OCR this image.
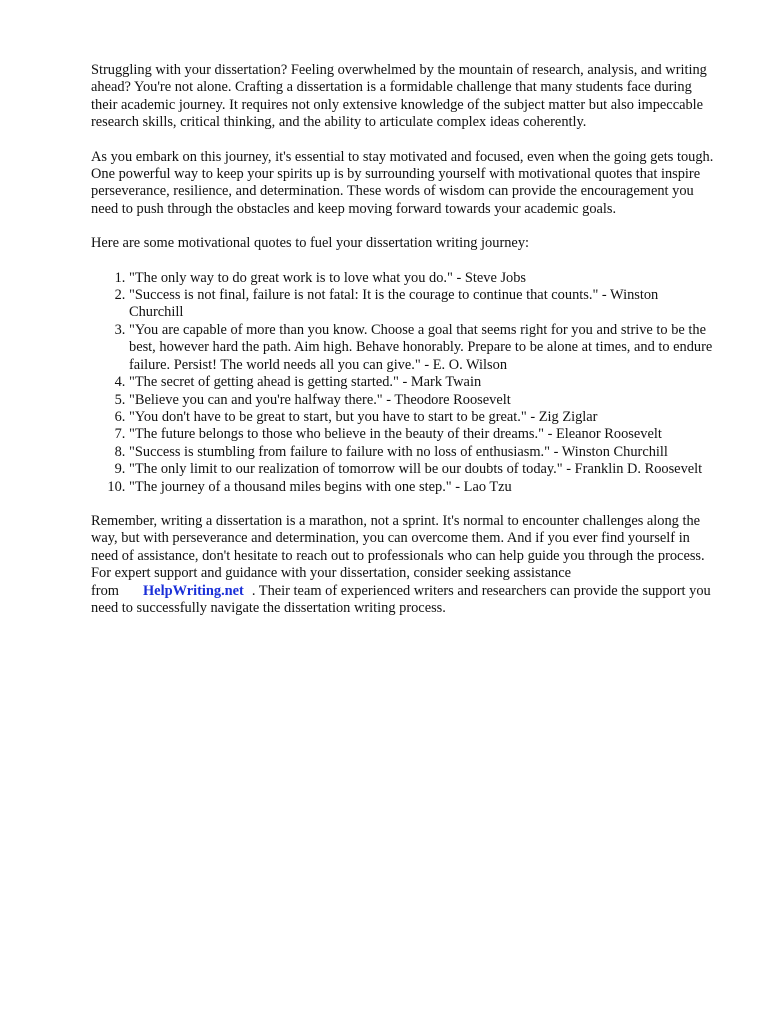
Struggling with your dissertation? Feeling overwhelmed by the mountain of research, analysis, and writing ahead? You're not alone. Crafting a dissertation is a formidable challenge that many students face during their academic journey. It requires not only extensive knowledge of the subject matter but also impeccable research skills, critical thinking, and the ability to articulate complex ideas coherently.

As you embark on this journey, it's essential to stay motivated and focused, even when the going gets tough. One powerful way to keep your spirits up is by surrounding yourself with motivational quotes that inspire perseverance, resilience, and determination. These words of wisdom can provide the encouragement you need to push through the obstacles and keep moving forward towards your academic goals.

Here are some motivational quotes to fuel your dissertation writing journey:

1. "The only way to do great work is to love what you do." - Steve Jobs
2. "Success is not final, failure is not fatal: It is the courage to continue that counts." - Winston Churchill
3. "You are capable of more than you know. Choose a goal that seems right for you and strive to be the best, however hard the path. Aim high. Behave honorably. Prepare to be alone at times, and to endure failure. Persist! The world needs all you can give." - E. O. Wilson
4. "The secret of getting ahead is getting started." - Mark Twain
5. "Believe you can and you're halfway there." - Theodore Roosevelt
6. "You don't have to be great to start, but you have to start to be great." - Zig Ziglar
7. "The future belongs to those who believe in the beauty of their dreams." - Eleanor Roosevelt
8. "Success is stumbling from failure to failure with no loss of enthusiasm." - Winston Churchill
9. "The only limit to our realization of tomorrow will be our doubts of today." - Franklin D. Roosevelt
10. "The journey of a thousand miles begins with one step." - Lao Tzu

Remember, writing a dissertation is a marathon, not a sprint. It's normal to encounter challenges along the way, but with perseverance and determination, you can overcome them. And if you ever find yourself in need of assistance, don't hesitate to reach out to professionals who can help guide you through the process. For expert support and guidance with your dissertation, consider seeking assistance from HelpWriting.net . Their team of experienced writers and researchers can provide the support you need to successfully navigate the dissertation writing process.
